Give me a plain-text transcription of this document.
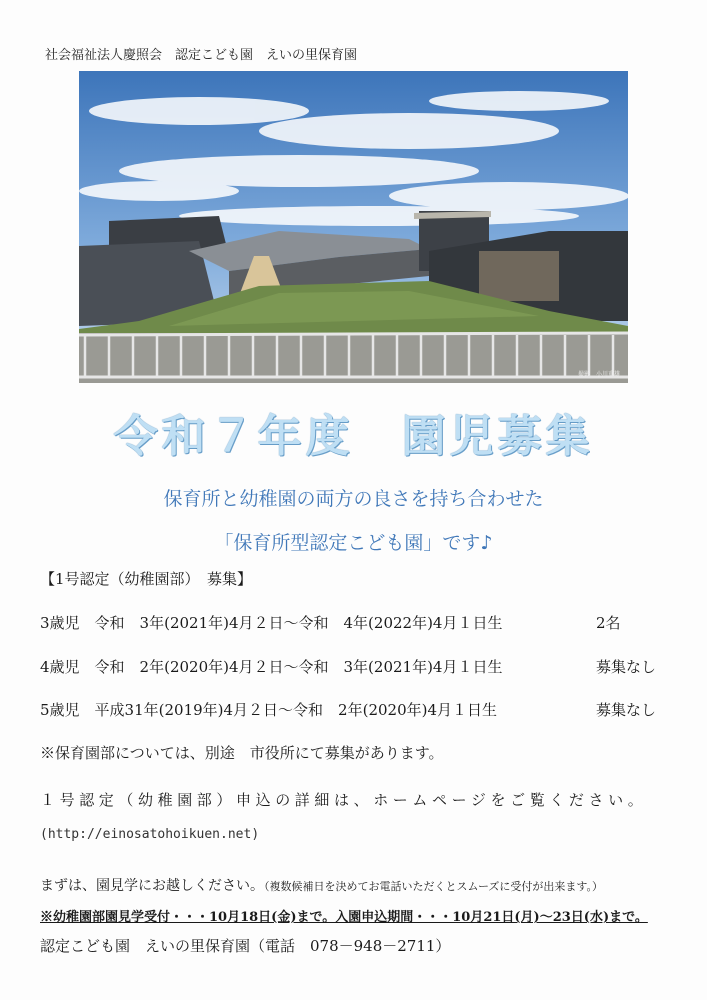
社会福祉法人慶照会　認定こども園　えいの里保育園
撮影　小川重雄
令和７年度　園児募集
保育所と幼稚園の両方の良さを持ち合わせた
「保育所型認定こども園」です♪
【1号認定（幼稚園部）　募集】
3歳児　令和　3年(2021年)4月２日〜令和　4年(2022年)4月１日生	2名
4歳児　令和　2年(2020年)4月２日〜令和　3年(2021年)4月１日生	募集なし
5歳児　平成31年(2019年)4月２日〜令和　2年(2020年)4月１日生	募集なし
※保育園部については、別途　市役所にて募集があります。
１号認定（幼稚園部）申込の詳細は、ホームページをご覧ください。
(http://einosatohoikuen.net)
まずは、園見学にお越しください。（複数候補日を決めてお電話いただくとスムーズに受付が出来ます。）
※幼稚園部園見学受付・・・10月18日(金)まで。入園申込期間・・・10月21日(月)〜23日(水)まで。
認定こども園　えいの里保育園（電話　078－948－2711）
